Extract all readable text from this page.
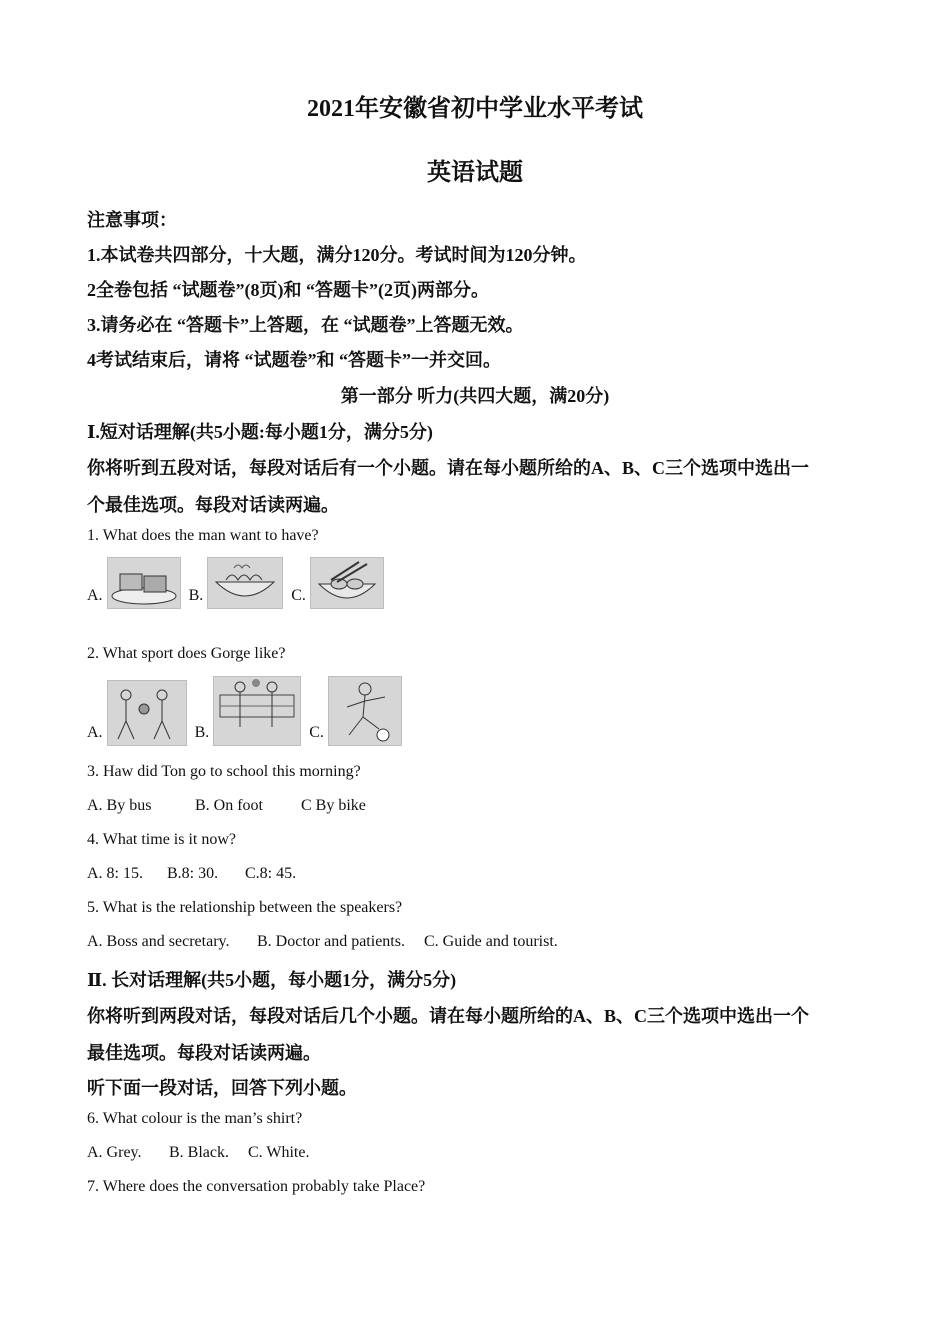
2021年安徽省初中学业水平考试
英语试题
注意事项：
1.本试卷共四部分，十大题，满分120分。考试时间为120分钟。
2全卷包括 “试题卷”(8页)和 “答题卡”(2页)两部分。
3.请务必在 “答题卡”上答题，在 “试题卷”上答题无效。
4考试结束后，请将 “试题卷”和 “答题卡”一并交回。
第一部分 听力(共四大题，满20分)
Ⅰ.短对话理解(共5小题:每小题1分，满分5分)
你将听到五段对话，每段对话后有一个小题。请在每小题所给的A、B、C三个选项中选出一
个最佳选项。每段对话读两遍。
1. What does the man want to have?
A.	B.	C.
2. What sport does Gorge like?
A.	B.	C.
3. Haw did Ton go to school this morning?
A. By bus	B. On foot C By bike
4. What time is it now?
A. 8: 15. B.8: 30. C.8: 45.
5. What is the relationship between the speakers?
A. Boss and secretary. B. Doctor and patients. C. Guide and tourist.
Ⅱ. 长对话理解(共5小题，每小题1分，满分5分)
你将听到两段对话，每段对话后几个小题。请在每小题所给的A、B、C三个选项中选出一个
最佳选项。每段对话读两遍。
听下面一段对话，回答下列小题。
6. What colour is the man’s shirt?
A. Grey. B. Black. C. White.
7. Where does the conversation probably take Place?
